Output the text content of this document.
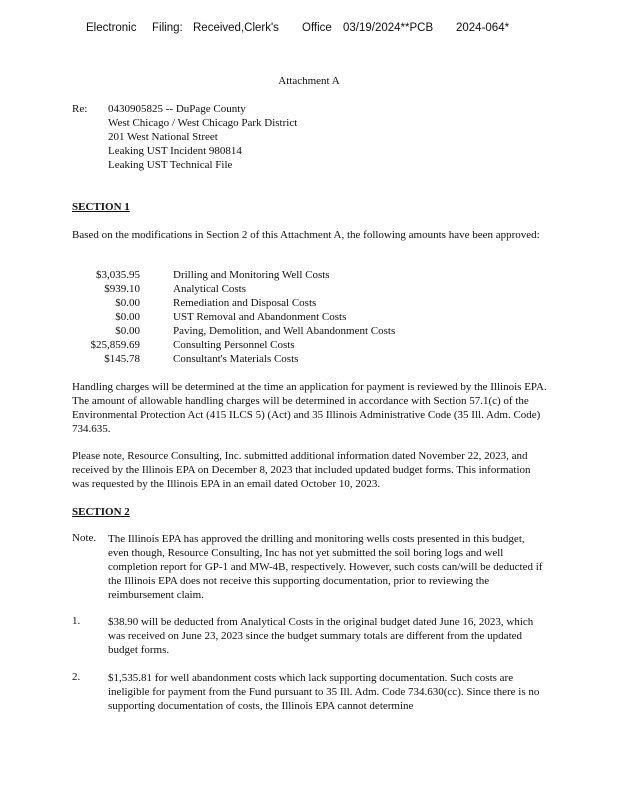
Electronic Filing: Received,Clerk's Office 03/19/2024**PCB 2024-064*
Attachment A
Re: 0430905825 -- DuPage County
West Chicago / West Chicago Park District
201 West National Street
Leaking UST Incident 980814
Leaking UST Technical File
SECTION 1
Based on the modifications in Section 2 of this Attachment A, the following amounts have been approved:
$3,035.95	Drilling and Monitoring Well Costs
$939.10	Analytical Costs
$0.00	Remediation and Disposal Costs
$0.00	UST Removal and Abandonment Costs
$0.00	Paving, Demolition, and Well Abandonment Costs
$25,859.69	Consulting Personnel Costs
$145.78	Consultant's Materials Costs
Handling charges will be determined at the time an application for payment is reviewed by the Illinois EPA. The amount of allowable handling charges will be determined in accordance with Section 57.1(c) of the Environmental Protection Act (415 ILCS 5) (Act) and 35 Illinois Administrative Code (35 Ill. Adm. Code) 734.635.
Please note, Resource Consulting, Inc. submitted additional information dated November 22, 2023, and received by the Illinois EPA on December 8, 2023 that included updated budget forms. This information was requested by the Illinois EPA in an email dated October 10, 2023.
SECTION 2
Note. The Illinois EPA has approved the drilling and monitoring wells costs presented in this budget, even though, Resource Consulting, Inc has not yet submitted the soil boring logs and well completion report for GP-1 and MW-4B, respectively. However, such costs can/will be deducted if the Illinois EPA does not receive this supporting documentation, prior to reviewing the reimbursement claim.
1.	$38.90 will be deducted from Analytical Costs in the original budget dated June 16, 2023, which was received on June 23, 2023 since the budget summary totals are different from the updated budget forms.
2.	$1,535.81 for well abandonment costs which lack supporting documentation. Such costs are ineligible for payment from the Fund pursuant to 35 Ill. Adm. Code 734.630(cc). Since there is no supporting documentation of costs, the Illinois EPA cannot determine
